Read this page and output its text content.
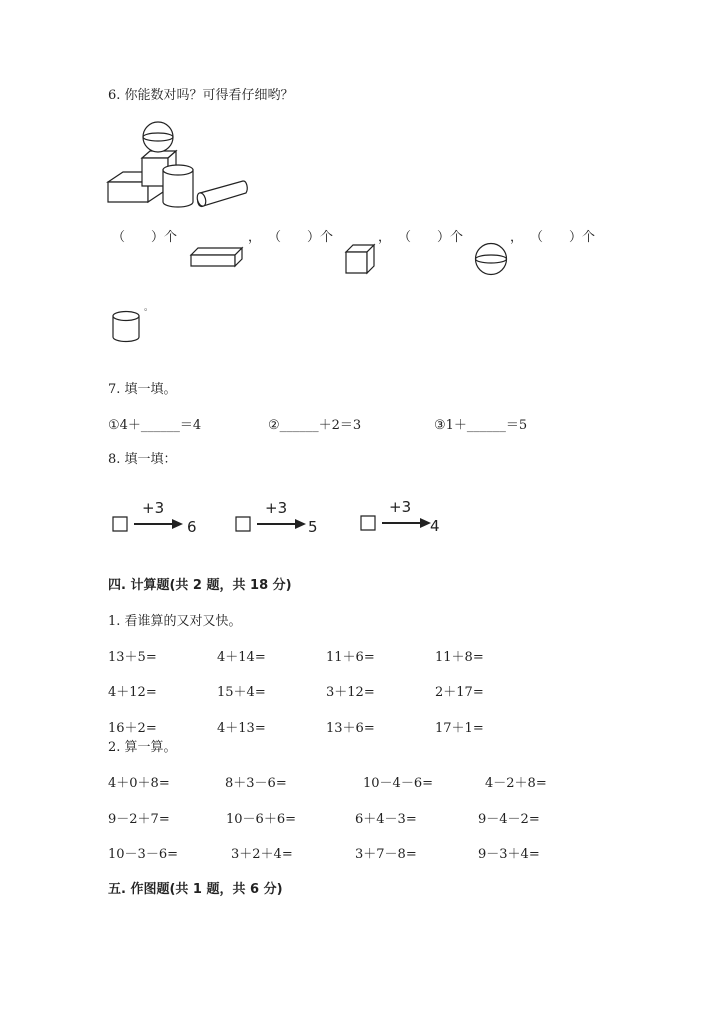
6. 你能数对吗？可得看仔细哟？
（　　）个	， （　　）个	， （　　）个	， （　　）个
。
7. 填一填。
①4＋______＝4	②______＋2＝3	③1＋______＝5
8. 填一填：
+3
6
+3
5
+3
4
四. 计算题(共 2 题，共 18 分)
1. 看谁算的又对又快。
13＋5=	4＋14=	11＋6=	11＋8=
4＋12=	15＋4=	3＋12=	2＋17=
16＋2=	4＋13=	13＋6=	17＋1=
2. 算一算。
4＋0＋8=	8＋3－6=	10－4－6=	4－2＋8=
9－2＋7=	10－6＋6=	6＋4－3=	9－4－2=
10－3－6=	3＋2＋4=	3＋7－8=	9－3＋4=
五. 作图题(共 1 题，共 6 分)
